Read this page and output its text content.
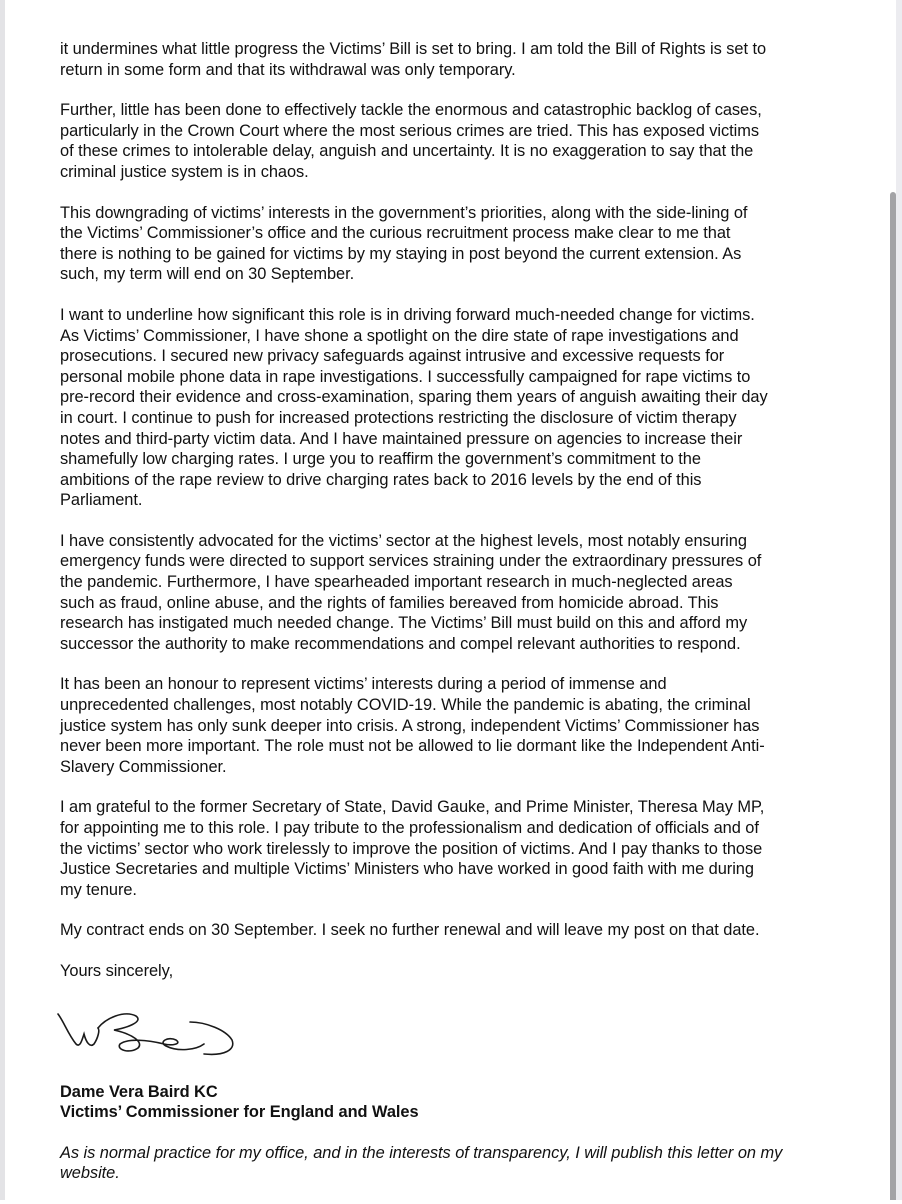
it undermines what little progress the Victims’ Bill is set to bring. I am told the Bill of Rights is set to
return in some form and that its withdrawal was only temporary.

Further, little has been done to effectively tackle the enormous and catastrophic backlog of cases,
particularly in the Crown Court where the most serious crimes are tried. This has exposed victims
of these crimes to intolerable delay, anguish and uncertainty. It is no exaggeration to say that the
criminal justice system is in chaos.

This downgrading of victims’ interests in the government’s priorities, along with the side-lining of
the Victims’ Commissioner’s office and the curious recruitment process make clear to me that
there is nothing to be gained for victims by my staying in post beyond the current extension. As
such, my term will end on 30 September.

I want to underline how significant this role is in driving forward much-needed change for victims.
As Victims’ Commissioner, I have shone a spotlight on the dire state of rape investigations and
prosecutions. I secured new privacy safeguards against intrusive and excessive requests for
personal mobile phone data in rape investigations. I successfully campaigned for rape victims to
pre-record their evidence and cross-examination, sparing them years of anguish awaiting their day
in court. I continue to push for increased protections restricting the disclosure of victim therapy
notes and third-party victim data. And I have maintained pressure on agencies to increase their
shamefully low charging rates. I urge you to reaffirm the government’s commitment to the
ambitions of the rape review to drive charging rates back to 2016 levels by the end of this
Parliament.

I have consistently advocated for the victims’ sector at the highest levels, most notably ensuring
emergency funds were directed to support services straining under the extraordinary pressures of
the pandemic. Furthermore, I have spearheaded important research in much-neglected areas
such as fraud, online abuse, and the rights of families bereaved from homicide abroad. This
research has instigated much needed change. The Victims’ Bill must build on this and afford my
successor the authority to make recommendations and compel relevant authorities to respond.

It has been an honour to represent victims’ interests during a period of immense and
unprecedented challenges, most notably COVID-19. While the pandemic is abating, the criminal
justice system has only sunk deeper into crisis. A strong, independent Victims’ Commissioner has
never been more important. The role must not be allowed to lie dormant like the Independent Anti-
Slavery Commissioner.

I am grateful to the former Secretary of State, David Gauke, and Prime Minister, Theresa May MP,
for appointing me to this role. I pay tribute to the professionalism and dedication of officials and of
the victims’ sector who work tirelessly to improve the position of victims. And I pay thanks to those
Justice Secretaries and multiple Victims’ Ministers who have worked in good faith with me during
my tenure.

My contract ends on 30 September. I seek no further renewal and will leave my post on that date.

Yours sincerely,
Dame Vera Baird KC
Victims’ Commissioner for England and Wales

As is normal practice for my office, and in the interests of transparency, I will publish this letter on my
website.
